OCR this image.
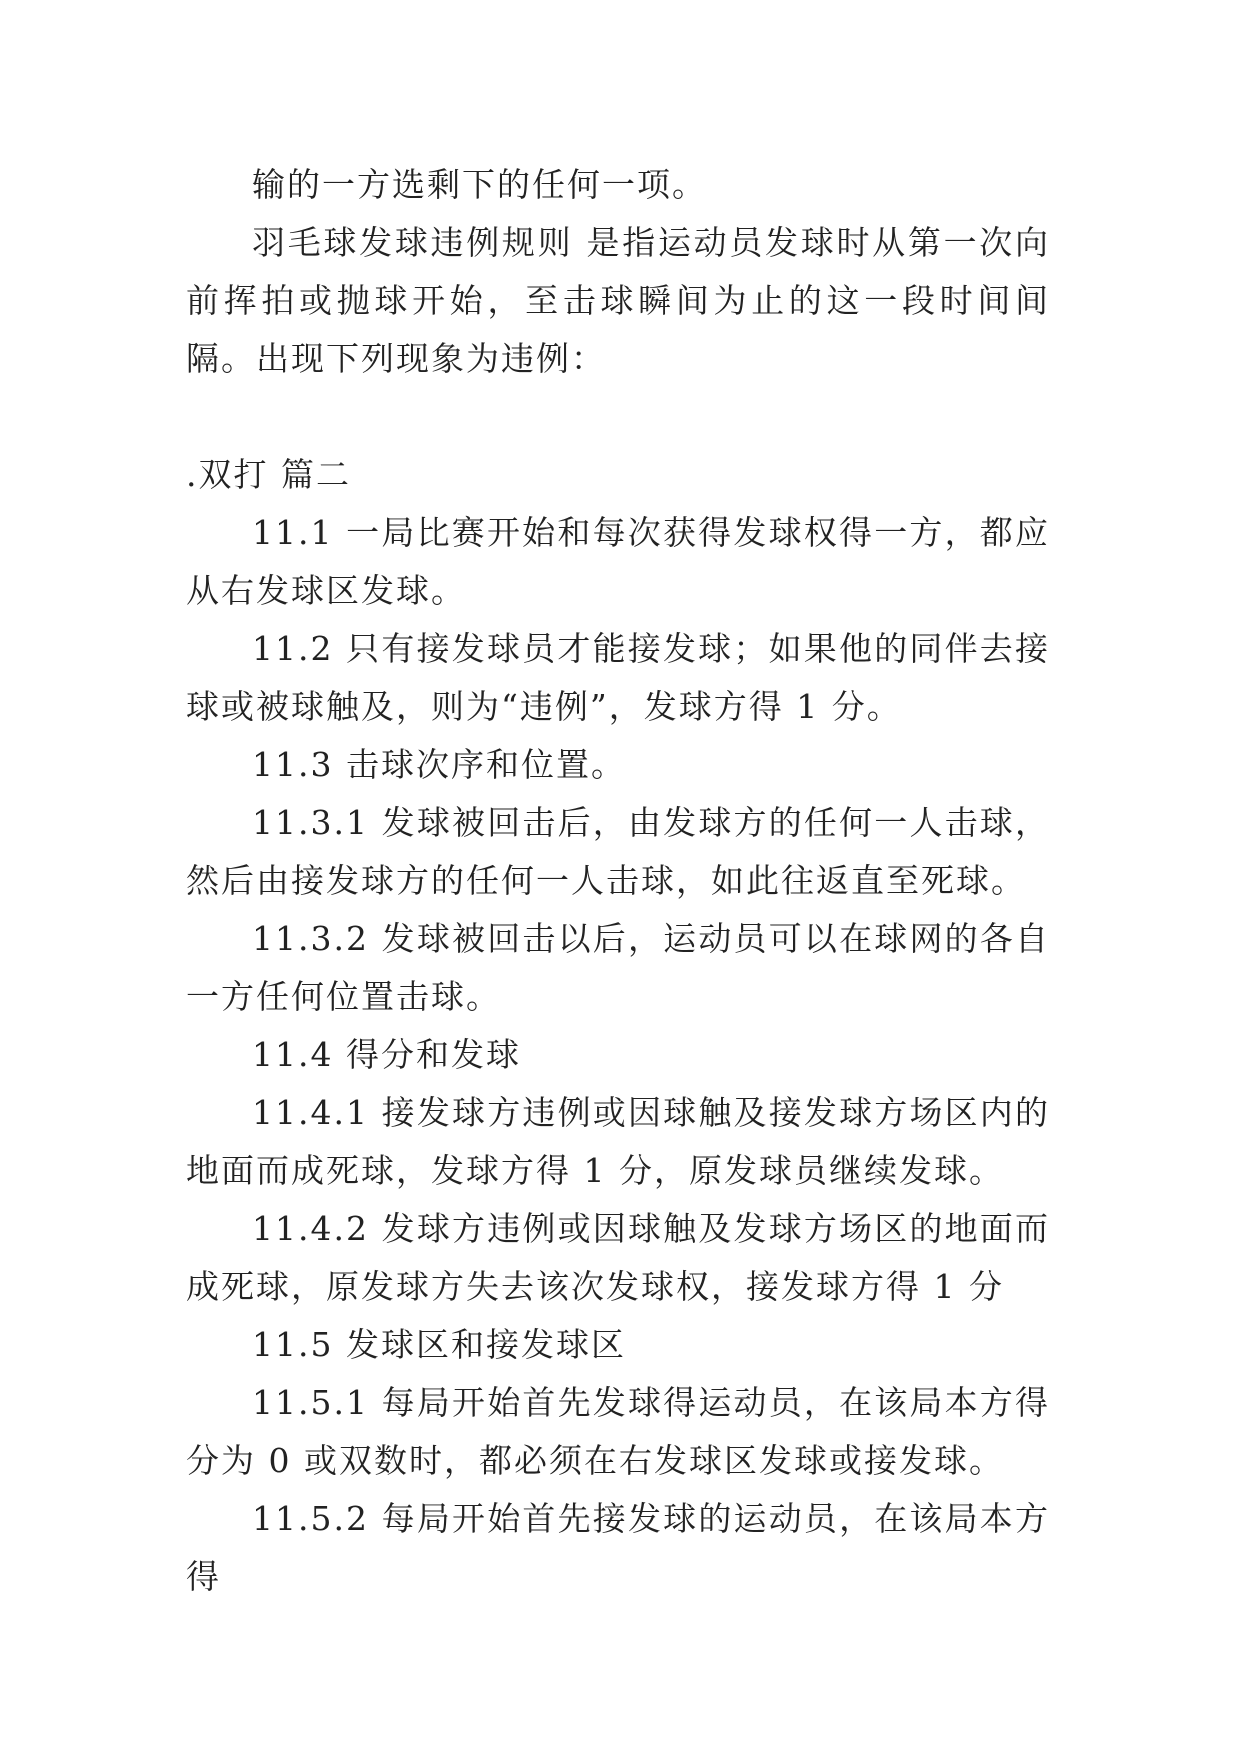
输的一方选剩下的任何一项。

羽毛球发球违例规则 是指运动员发球时从第一次向前挥拍或抛球开始，至击球瞬间为止的这一段时间间隔。出现下列现象为违例：

.双打 篇二

11.1 一局比赛开始和每次获得发球权得一方，都应从右发球区发球。

11.2 只有接发球员才能接发球；如果他的同伴去接球或被球触及，则为“违例”，发球方得 1 分。

11.3 击球次序和位置。

11.3.1 发球被回击后，由发球方的任何一人击球，然后由接发球方的任何一人击球，如此往返直至死球。

11.3.2 发球被回击以后，运动员可以在球网的各自一方任何位置击球。

11.4 得分和发球

11.4.1 接发球方违例或因球触及接发球方场区内的地面而成死球，发球方得 1 分，原发球员继续发球。

11.4.2 发球方违例或因球触及发球方场区的地面而成死球，原发球方失去该次发球权，接发球方得 1 分

11.5 发球区和接发球区

11.5.1 每局开始首先发球得运动员，在该局本方得分为 0 或双数时，都必须在右发球区发球或接发球。

11.5.2 每局开始首先接发球的运动员，在该局本方得
